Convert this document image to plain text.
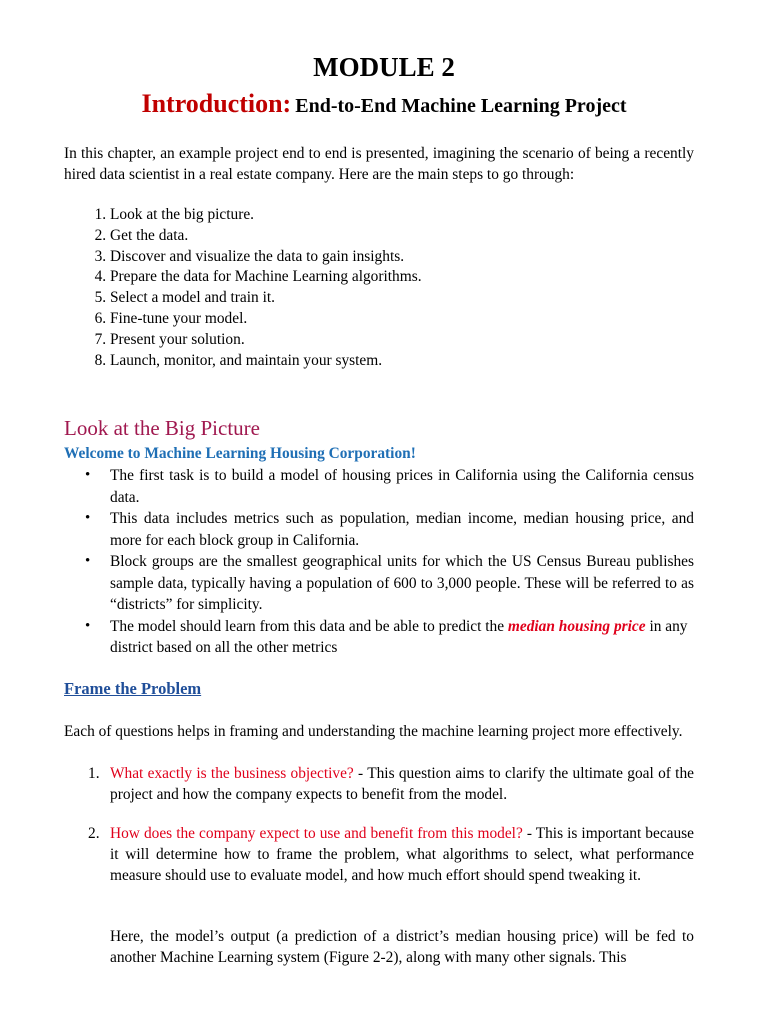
MODULE 2
Introduction: End-to-End Machine Learning Project
In this chapter, an example project end to end is presented, imagining the scenario of being a recently hired data scientist in a real estate company. Here are the main steps to go through:
1. Look at the big picture.
2. Get the data.
3. Discover and visualize the data to gain insights.
4. Prepare the data for Machine Learning algorithms.
5. Select a model and train it.
6. Fine-tune your model.
7. Present your solution.
8. Launch, monitor, and maintain your system.
Look at the Big Picture
Welcome to Machine Learning Housing Corporation!
• The first task is to build a model of housing prices in California using the California census data.
• This data includes metrics such as population, median income, median housing price, and more for each block group in California.
• Block groups are the smallest geographical units for which the US Census Bureau publishes sample data, typically having a population of 600 to 3,000 people. These will be referred to as “districts” for simplicity.
• The model should learn from this data and be able to predict the median housing price in any district based on all the other metrics
Frame the Problem
Each of questions helps in framing and understanding the machine learning project more effectively.
1. What exactly is the business objective? - This question aims to clarify the ultimate goal of the project and how the company expects to benefit from the model.
2. How does the company expect to use and benefit from this model? - This is important because it will determine how to frame the problem, what algorithms to select, what performance measure should use to evaluate model, and how much effort should spend tweaking it.
Here, the model’s output (a prediction of a district’s median housing price) will be fed to another Machine Learning system (Figure 2-2), along with many other signals. This
